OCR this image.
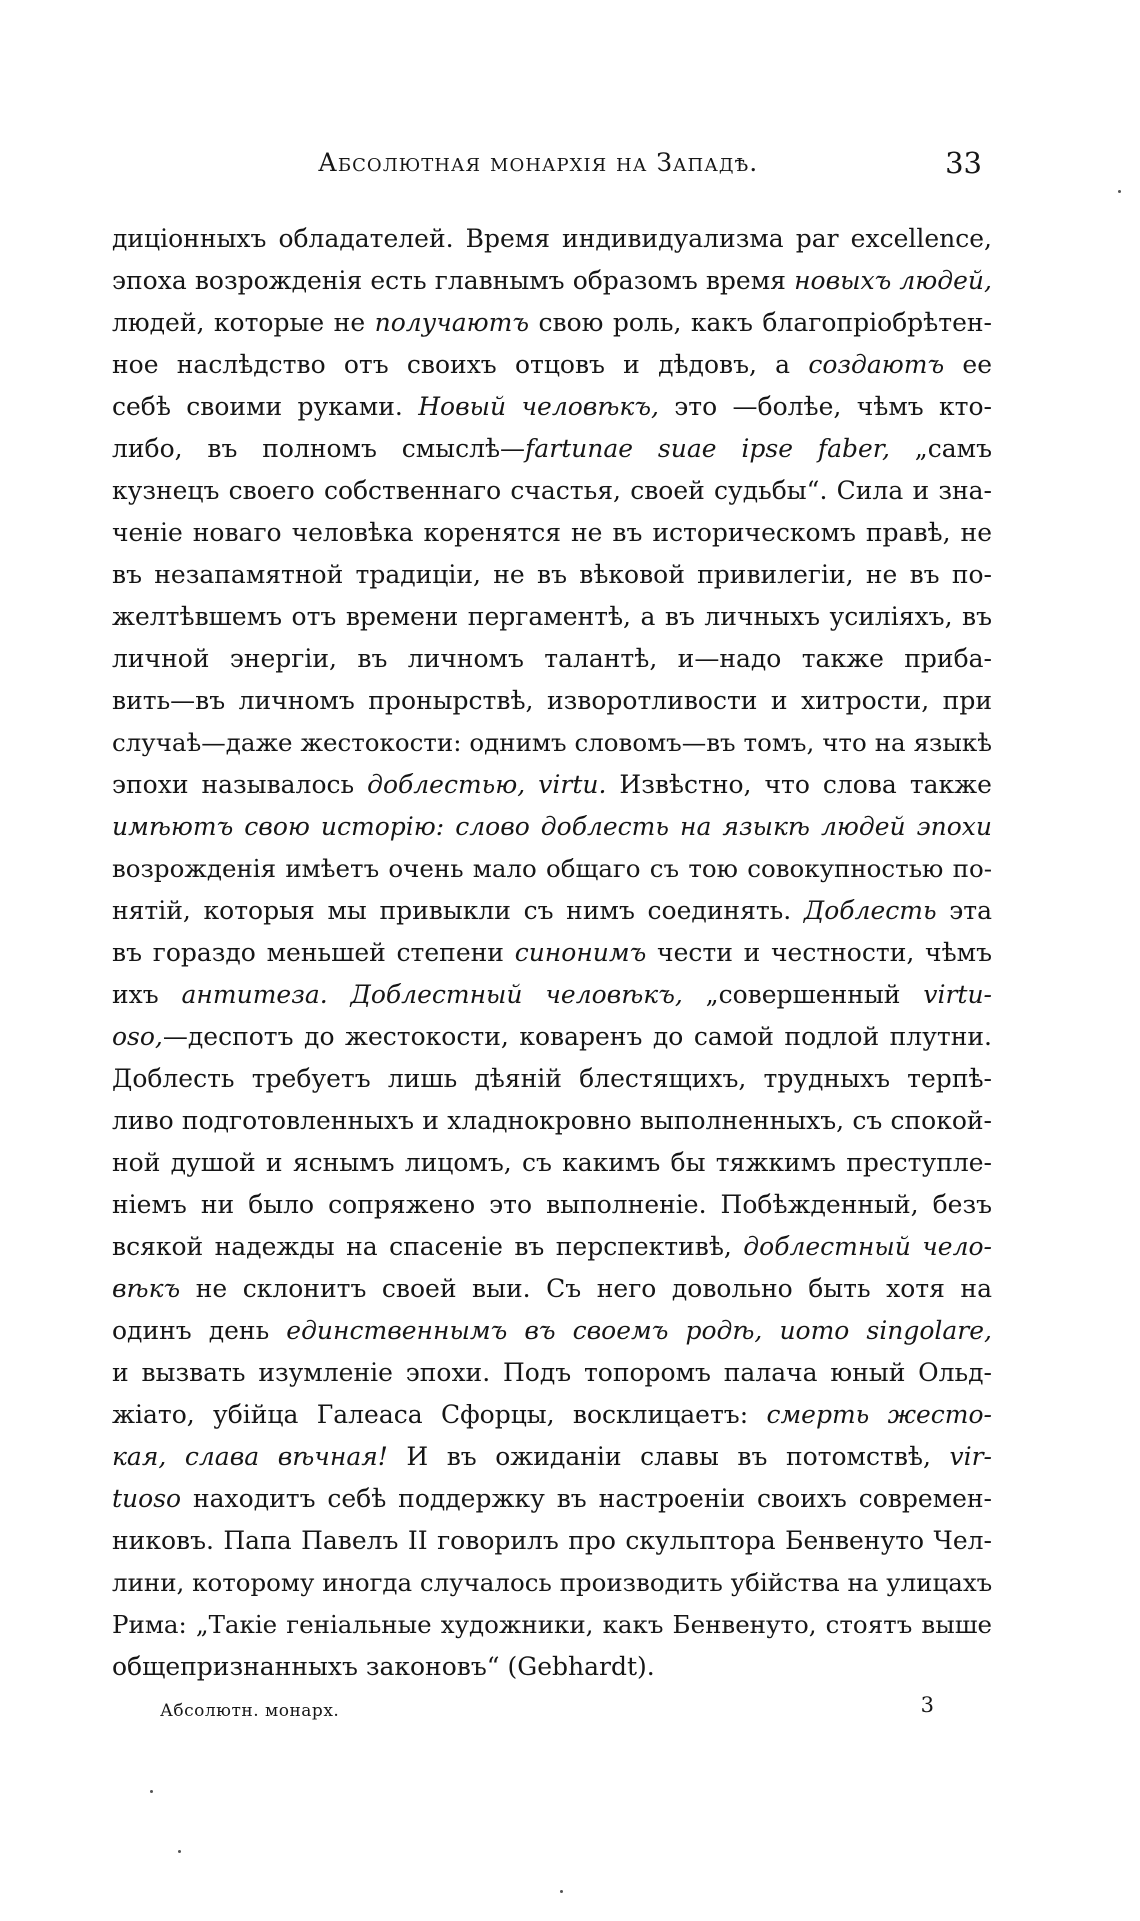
Абсолютная монархія на Западѣ.	33
диціонныхъ обладателей. Время индивидуализма par excellence,
эпоха возрожденія есть главнымъ образомъ время новыхъ людей,
людей, которые не получаютъ свою роль, какъ благопріобрѣтен-
ное наслѣдство отъ своихъ отцовъ и дѣдовъ, а создаютъ ее
себѣ своими руками. Новый человѣкъ, это —болѣе, чѣмъ кто-
либо, въ полномъ смыслѣ—fartunae suae ipse faber, „самъ
кузнецъ своего собственнаго счастья, своей судьбы“. Сила и зна-
ченіе новаго человѣка коренятся не въ историческомъ правѣ, не
въ незапамятной традиціи, не въ вѣковой привилегіи, не въ по-
желтѣвшемъ отъ времени пергаментѣ, а въ личныхъ усиліяхъ, въ
личной энергіи, въ личномъ талантѣ, и—надо также приба-
вить—въ личномъ пронырствѣ, изворотливости и хитрости, при
случаѣ—даже жестокости: однимъ словомъ—въ томъ, что на языкѣ
эпохи называлось доблестью, virtu. Извѣстно, что слова также
имѣютъ свою исторію: слово доблесть на языкѣ людей эпохи
возрожденія имѣетъ очень мало общаго съ тою совокупностью по-
нятій, которыя мы привыкли съ нимъ соединять. Доблесть эта
въ гораздо меньшей степени синонимъ чести и честности, чѣмъ
ихъ антитеза. Доблестный человѣкъ, „совершенный virtu-
oso,—деспотъ до жестокости, коваренъ до самой подлой плутни.
Доблесть требуетъ лишь дѣяній блестящихъ, трудныхъ терпѣ-
ливо подготовленныхъ и хладнокровно выполненныхъ, съ спокой-
ной душой и яснымъ лицомъ, съ какимъ бы тяжкимъ преступле-
ніемъ ни было сопряжено это выполненіе. Побѣжденный, безъ
всякой надежды на спасеніе въ перспективѣ, доблестный чело-
вѣкъ не склонитъ своей выи. Съ него довольно быть хотя на
одинъ день единственнымъ въ своемъ родѣ, uomo singolare,
и вызвать изумленіе эпохи. Подъ топоромъ палача юный Ольд-
жіато, убійца Галеаса Сфорцы, восклицаетъ: смерть жесто-
кая, слава вѣчная! И въ ожиданіи славы въ потомствѣ, vir-
tuoso находитъ себѣ поддержку въ настроеніи своихъ современ-
никовъ. Папа Павелъ II говорилъ про скульптора Бенвенуто Чел-
лини, которому иногда случалось производить убійства на улицахъ
Рима: „Такіе геніальные художники, какъ Бенвенуто, стоятъ выше
общепризнанныхъ законовъ“ (Gebhardt).
Абсолютн. монарх.	3
